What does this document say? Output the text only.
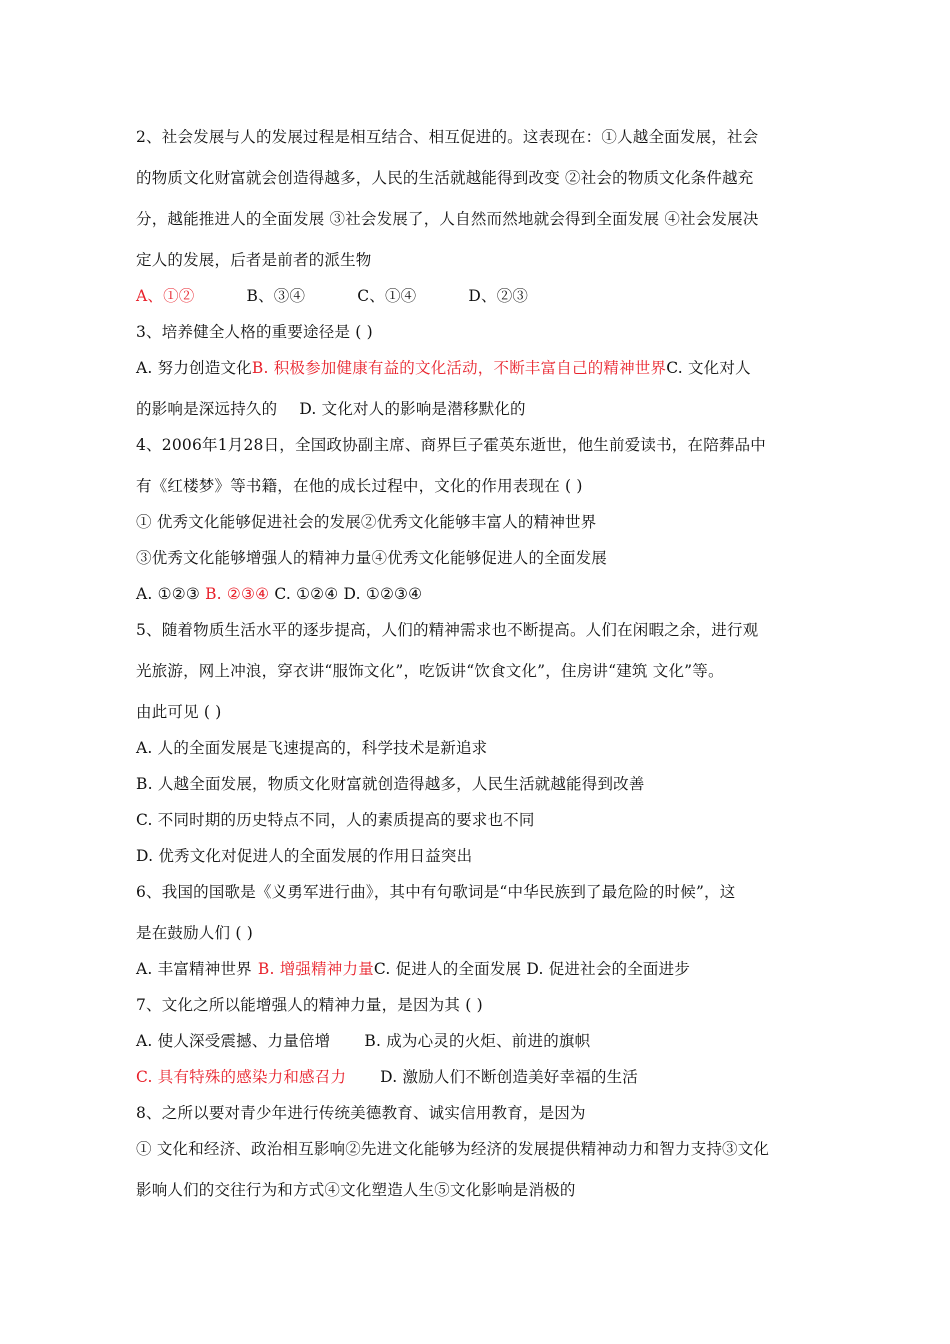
2、社会发展与人的发展过程是相互结合、相互促进的。这表现在：①人越全面发展，社会
的物质文化财富就会创造得越多，人民的生活就越能得到改变 ②社会的物质文化条件越充
分，越能推进人的全面发展 ③社会发展了，人自然而然地就会得到全面发展 ④社会发展决
定人的发展，后者是前者的派生物
A、①②	B、③④	C、①④	D、②③
3、培养健全人格的重要途径是 ( )
A. 努力创造文化B. 积极参加健康有益的文化活动，不断丰富自己的精神世界C. 文化对人
的影响是深远持久的 D. 文化对人的影响是潜移默化的
4、2006年1月28日，全国政协副主席、商界巨子霍英东逝世，他生前爱读书，在陪葬品中
有《红楼梦》等书籍，在他的成长过程中，文化的作用表现在 ( )
① 优秀文化能够促进社会的发展②优秀文化能够丰富人的精神世界
③优秀文化能够增强人的精神力量④优秀文化能够促进人的全面发展
A. ①②③ B. ②③④ C. ①②④ D. ①②③④
5、随着物质生活水平的逐步提高，人们的精神需求也不断提高。人们在闲暇之余，进行观
光旅游，网上冲浪，穿衣讲“服饰文化”，吃饭讲“饮食文化”，住房讲“建筑 文化”等。
由此可见 ( )
A. 人的全面发展是飞速提高的，科学技术是新追求
B. 人越全面发展，物质文化财富就创造得越多，人民生活就越能得到改善
C. 不同时期的历史特点不同，人的素质提高的要求也不同
D. 优秀文化对促进人的全面发展的作用日益突出
6、我国的国歌是《义勇军进行曲》，其中有句歌词是“中华民族到了最危险的时候”，这
是在鼓励人们 ( )
A. 丰富精神世界 B. 增强精神力量C. 促进人的全面发展 D. 促进社会的全面进步
7、文化之所以能增强人的精神力量，是因为其 ( )
A. 使人深受震撼、力量倍增 B. 成为心灵的火炬、前进的旗帜
C. 具有特殊的感染力和感召力 D. 激励人们不断创造美好幸福的生活
8、之所以要对青少年进行传统美德教育、诚实信用教育，是因为
① 文化和经济、政治相互影响②先进文化能够为经济的发展提供精神动力和智力支持③文化
影响人们的交往行为和方式④文化塑造人生⑤文化影响是消极的
